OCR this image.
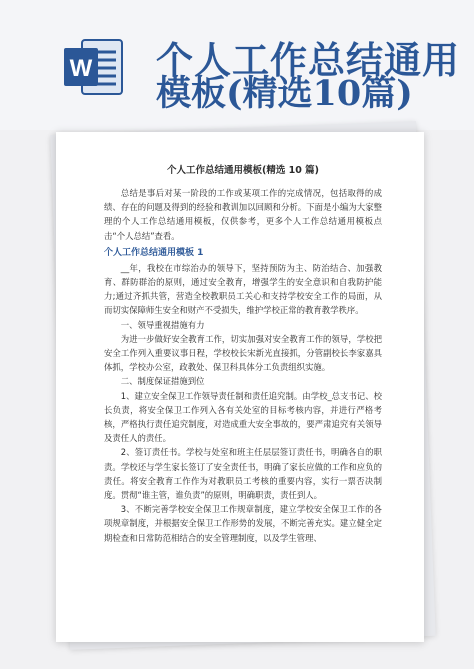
W 个人工作总结通用
模板(精选10篇)
个人工作总结通用模板(精选 10 篇)

总结是事后对某一阶段的工作或某项工作的完成情况，包括取得的成绩、存在的问题及得到的经验和教训加以回顾和分析。下面是小编为大家整理的个人工作总结通用模板，仅供参考，更多个人工作总结通用模板点击“个人总结”查看。

个人工作总结通用模板 1

__年，我校在市综治办的领导下，坚持预防为主、防治结合、加强教育、群防群治的原则，通过安全教育，增强学生的安全意识和自我防护能力;通过齐抓共管，营造全校教职员工关心和支持学校安全工作的局面，从而切实保障师生安全和财产不受损失，维护学校正常的教育教学秩序。

一、领导重视措施有力

为进一步做好安全教育工作，切实加强对安全教育工作的领导，学校把安全工作列入重要议事日程，学校校长宋新光直接抓，分管副校长李家嘉具体抓，学校办公室，政教处、保卫科具体分工负责组织实施。

二、制度保证措施到位

1、建立安全保卫工作领导责任制和责任追究制。由学校_总支书记、校长负责，将安全保卫工作列入各有关处室的目标考核内容，并进行严格考核，严格执行责任追究制度，对造成重大安全事故的，要严肃追究有关领导及责任人的责任。

2、签订责任书。学校与处室和班主任层层签订责任书，明确各自的职责。学校还与学生家长签订了安全责任书，明确了家长应做的工作和应负的责任。将安全教育工作作为对教职员工考核的重要内容，实行一票否决制度。贯彻“谁主管，谁负责”的原则，明确职责，责任到人。

3、不断完善学校安全保卫工作规章制度，建立学校安全保卫工作的各项规章制度，并根据安全保卫工作形势的发展，不断完善充实。建立健全定期检查和日常防范相结合的安全管理制度，以及学生管理、
